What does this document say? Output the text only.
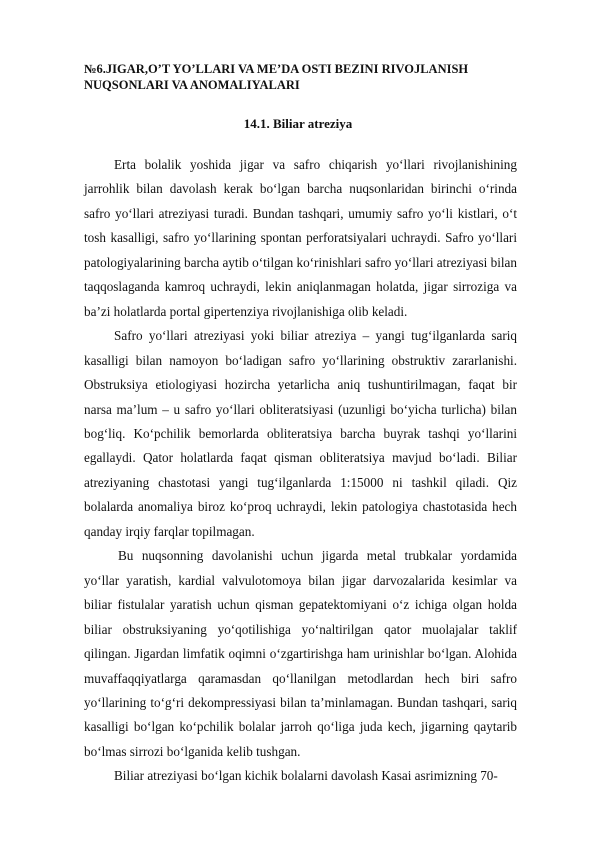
№6.JIGAR,O’T YO’LLARI VA ME’DA OSTI BEZINI RIVOJLANISH NUQSONLARI VA ANOMALIYALARI
14.1. Biliar atreziya

Erta bolalik yoshida jigar va safro chiqarish yo‘llari rivojlanishining jarrohlik bilan davolash kerak bo‘lgan barcha nuqsonlaridan birinchi o‘rinda safro yo‘llari atreziyasi turadi. Bundan tashqari, umumiy safro yo‘li kistlari, o‘t tosh kasalligi, safro yo‘llarining spontan perforatsiyalari uchraydi. Safro yo‘llari patologiyalarining barcha aytib o‘tilgan ko‘rinishlari safro yo‘llari atreziyasi bilan taqqoslaganda kamroq uchraydi, lekin aniqlanmagan holatda, jigar sirroziga va ba’zi holatlarda portal gipertenziya rivojlanishiga olib keladi.

Safro yo‘llari atreziyasi yoki biliar atreziya – yangi tug‘ilganlarda sariq kasalligi bilan namoyon bo‘ladigan safro yo‘llarining obstruktiv zararlanishi. Obstruksiya etiologiyasi hozircha yetarlicha aniq tushuntirilmagan, faqat bir narsa ma’lum – u safro yo‘llari obliteratsiyasi (uzunligi bo‘yicha turlicha) bilan bog‘liq. Ko‘pchilik bemorlarda obliteratsiya barcha buyrak tashqi yo‘llarini egallaydi. Qator holatlarda faqat qisman obliteratsiya mavjud bo‘ladi. Biliar atreziyaning chastotasi yangi tug‘ilganlarda 1:15000 ni tashkil qiladi. Qiz bolalarda anomaliya biroz ko‘proq uchraydi, lekin patologiya chastotasida hech qanday irqiy farqlar topilmagan.

Bu nuqsonning davolanishi uchun jigarda metal trubkalar yordamida yo‘llar yaratish, kardial valvulotomoya bilan jigar darvozalarida kesimlar va biliar fistulalar yaratish uchun qisman gepatektomiyani o‘z ichiga olgan holda biliar obstruksiyaning yo‘qotilishiga yo‘naltirilgan qator muolajalar taklif qilingan. Jigardan limfatik oqimni o‘zgartirishga ham urinishlar bo‘lgan. Alohida muvaffaqqiyatlarga qaramasdan qo‘llanilgan metodlardan hech biri safro yo‘llarining to‘g‘ri dekompressiyasi bilan ta’minlamagan. Bundan tashqari, sariq kasalligi bo‘lgan ko‘pchilik bolalar jarroh qo‘liga juda kech, jigarning qaytarib bo‘lmas sirrozi bo‘lganida kelib tushgan.

Biliar atreziyasi bo‘lgan kichik bolalarni davolash Kasai asrimizning 70-
